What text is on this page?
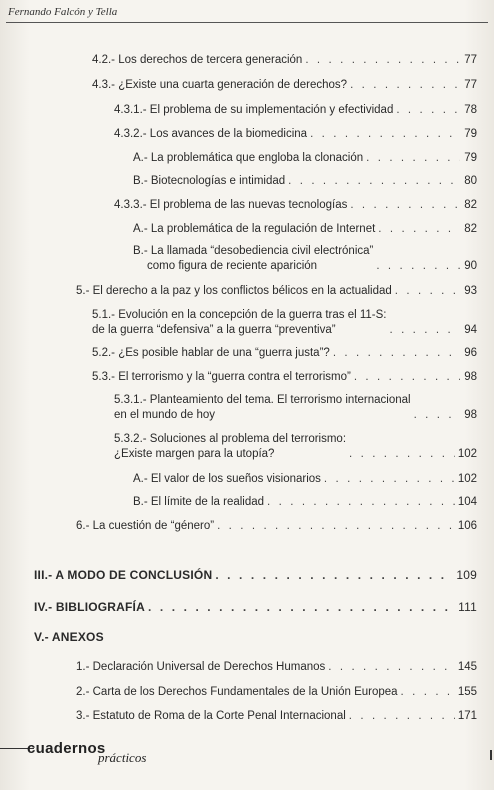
Fernando Falcón y Tella
4.2.- Los derechos de tercera generación . . .	77
4.3.- ¿Existe una cuarta generación de derechos? . . .	77
4.3.1.- El problema de su implementación y efectividad . . .	78
4.3.2.- Los avances de la biomedicina . . .	79
A.- La problemática que engloba la clonación . . .	79
B.- Biotecnologías e intimidad . . .	80
4.3.3.- El problema de las nuevas tecnologías . . .	82
A.- La problemática de la regulación de Internet . . .	82
B.- La llamada “desobediencia civil electrónica”
como figura de reciente aparición . . .	90
5.- El derecho a la paz y los conflictos bélicos en la actualidad . . .	93
5.1.- Evolución en la concepción de la guerra tras el 11-S:
de la guerra “defensiva” a la guerra “preventiva” . . .	94
5.2.- ¿Es posible hablar de una “guerra justa”? . . .	96
5.3.- El terrorismo y la “guerra contra el terrorismo” . . .	98
5.3.1.- Planteamiento del tema. El terrorismo internacional
en el mundo de hoy . . .	98
5.3.2.- Soluciones al problema del terrorismo:
¿Existe margen para la utopía? . . .	102
A.- El valor de los sueños visionarios . . .	102
B.- El límite de la realidad . . .	104
6.- La cuestión de “género” . . .	106
III.- A MODO DE CONCLUSIÓN . . .	109
IV.- BIBLIOGRAFÍA . . .	111
V.- ANEXOS
1.- Declaración Universal de Derechos Humanos . . .	145
2.- Carta de los Derechos Fundamentales de la Unión Europea . . .	155
3.- Estatuto de Roma de la Corte Penal Internacional . . .	171
cuadernos
prácticos
